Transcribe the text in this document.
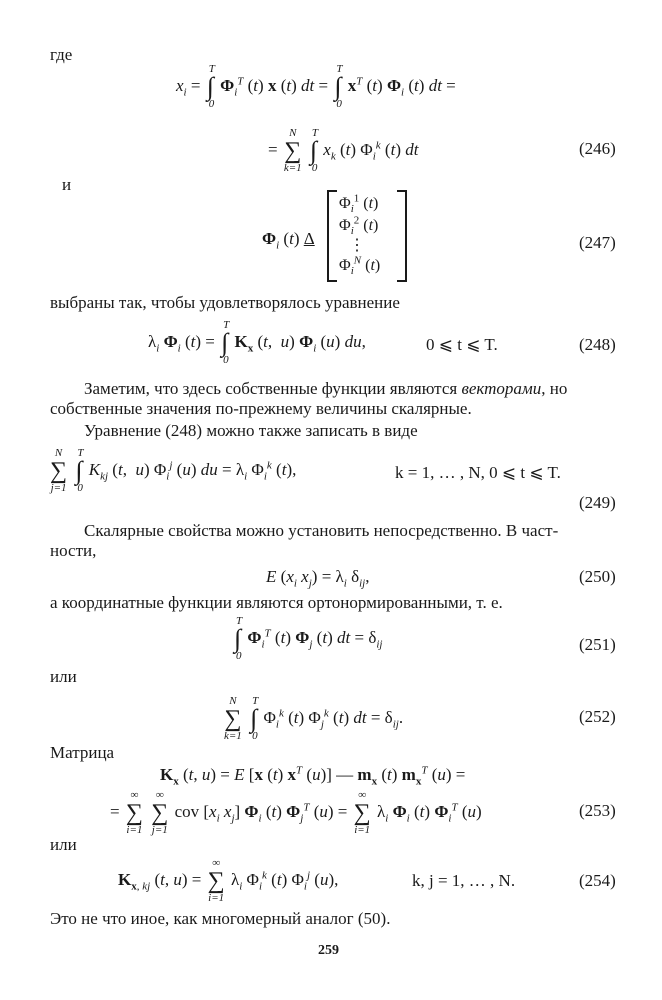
где
$x_i$ = ∫
T
0
$\Phi_i^T$ (t) x (t) dt = ∫
T
0
$x^T$ (t) $\Phi_i$ (t) dt =
=
N
∑
k=1
∫
T
0
$x_k$ (t) $\Phi_i^k$ (t) dt	(246)
и
$\Phi_i$ (t) Δ
$\Phi_i^1$ (t)
$\Phi_i^2$ (t)
⋮
$\Phi_i^N$ (t)
(247)
выбраны так, чтобы удовлетворялось уравнение
$\lambda_i$ $\Phi_i$ (t) = ∫
T
0
$K_x$ (t,  u) $\Phi_i$ (u) du,	0 ⩽ t ⩽ T.	(248)
Заметим, что здесь собственные функции являются векторами, но
собственные значения по-прежнему величины скалярные.
Уравнение (248) можно также записать в виде
N
∑
j=1
∫
T
0
$K_{kj}$ (t,  u) $\Phi_i^j$ (u) du = $\lambda_i$ $\Phi_i^k$ (t),	k = 1, … , N, 0 ⩽ t ⩽ T.
(249)
Скалярные свойства можно установить непосредственно. В част-
ности,
E ($x_i$ $x_j) = \lambda_i$ $\delta_{ij}$,	(250)
а координатные функции являются ортонормированными, т. е.
∫
T
0
$\Phi_i^T$ (t) $\Phi_j$ (t) dt = $\delta_{ij}$	(251)
или
N
∑
k=1
∫
T
0
$\Phi_i^k$ (t) $\Phi_j^k$ (t) dt = $\delta_{ij}$.	(252)
Матрица
$K_x$ (t, u) = E [x (t) $x^T$ (u)] — $m_x$ (t) $m_x^T$ (u) =
=
∞
∑
i=1

∞
∑
j=1
cov [$x_i$ $x_j$] $\Phi_i$ (t) $\Phi_j^T$ (u) =
∞
∑
i=1
$\lambda_i$ $\Phi_i$ (t) $\Phi_i^T$ (u)	(253)
или
$K_{x, kj}$ (t, u) =
∞
∑
i=1
$\lambda_i$ $\Phi_i^k$ (t) $\Phi_i^j$ (u),	k, j = 1, … , N.	(254)
Это не что иное, как многомерный аналог (50).
259
